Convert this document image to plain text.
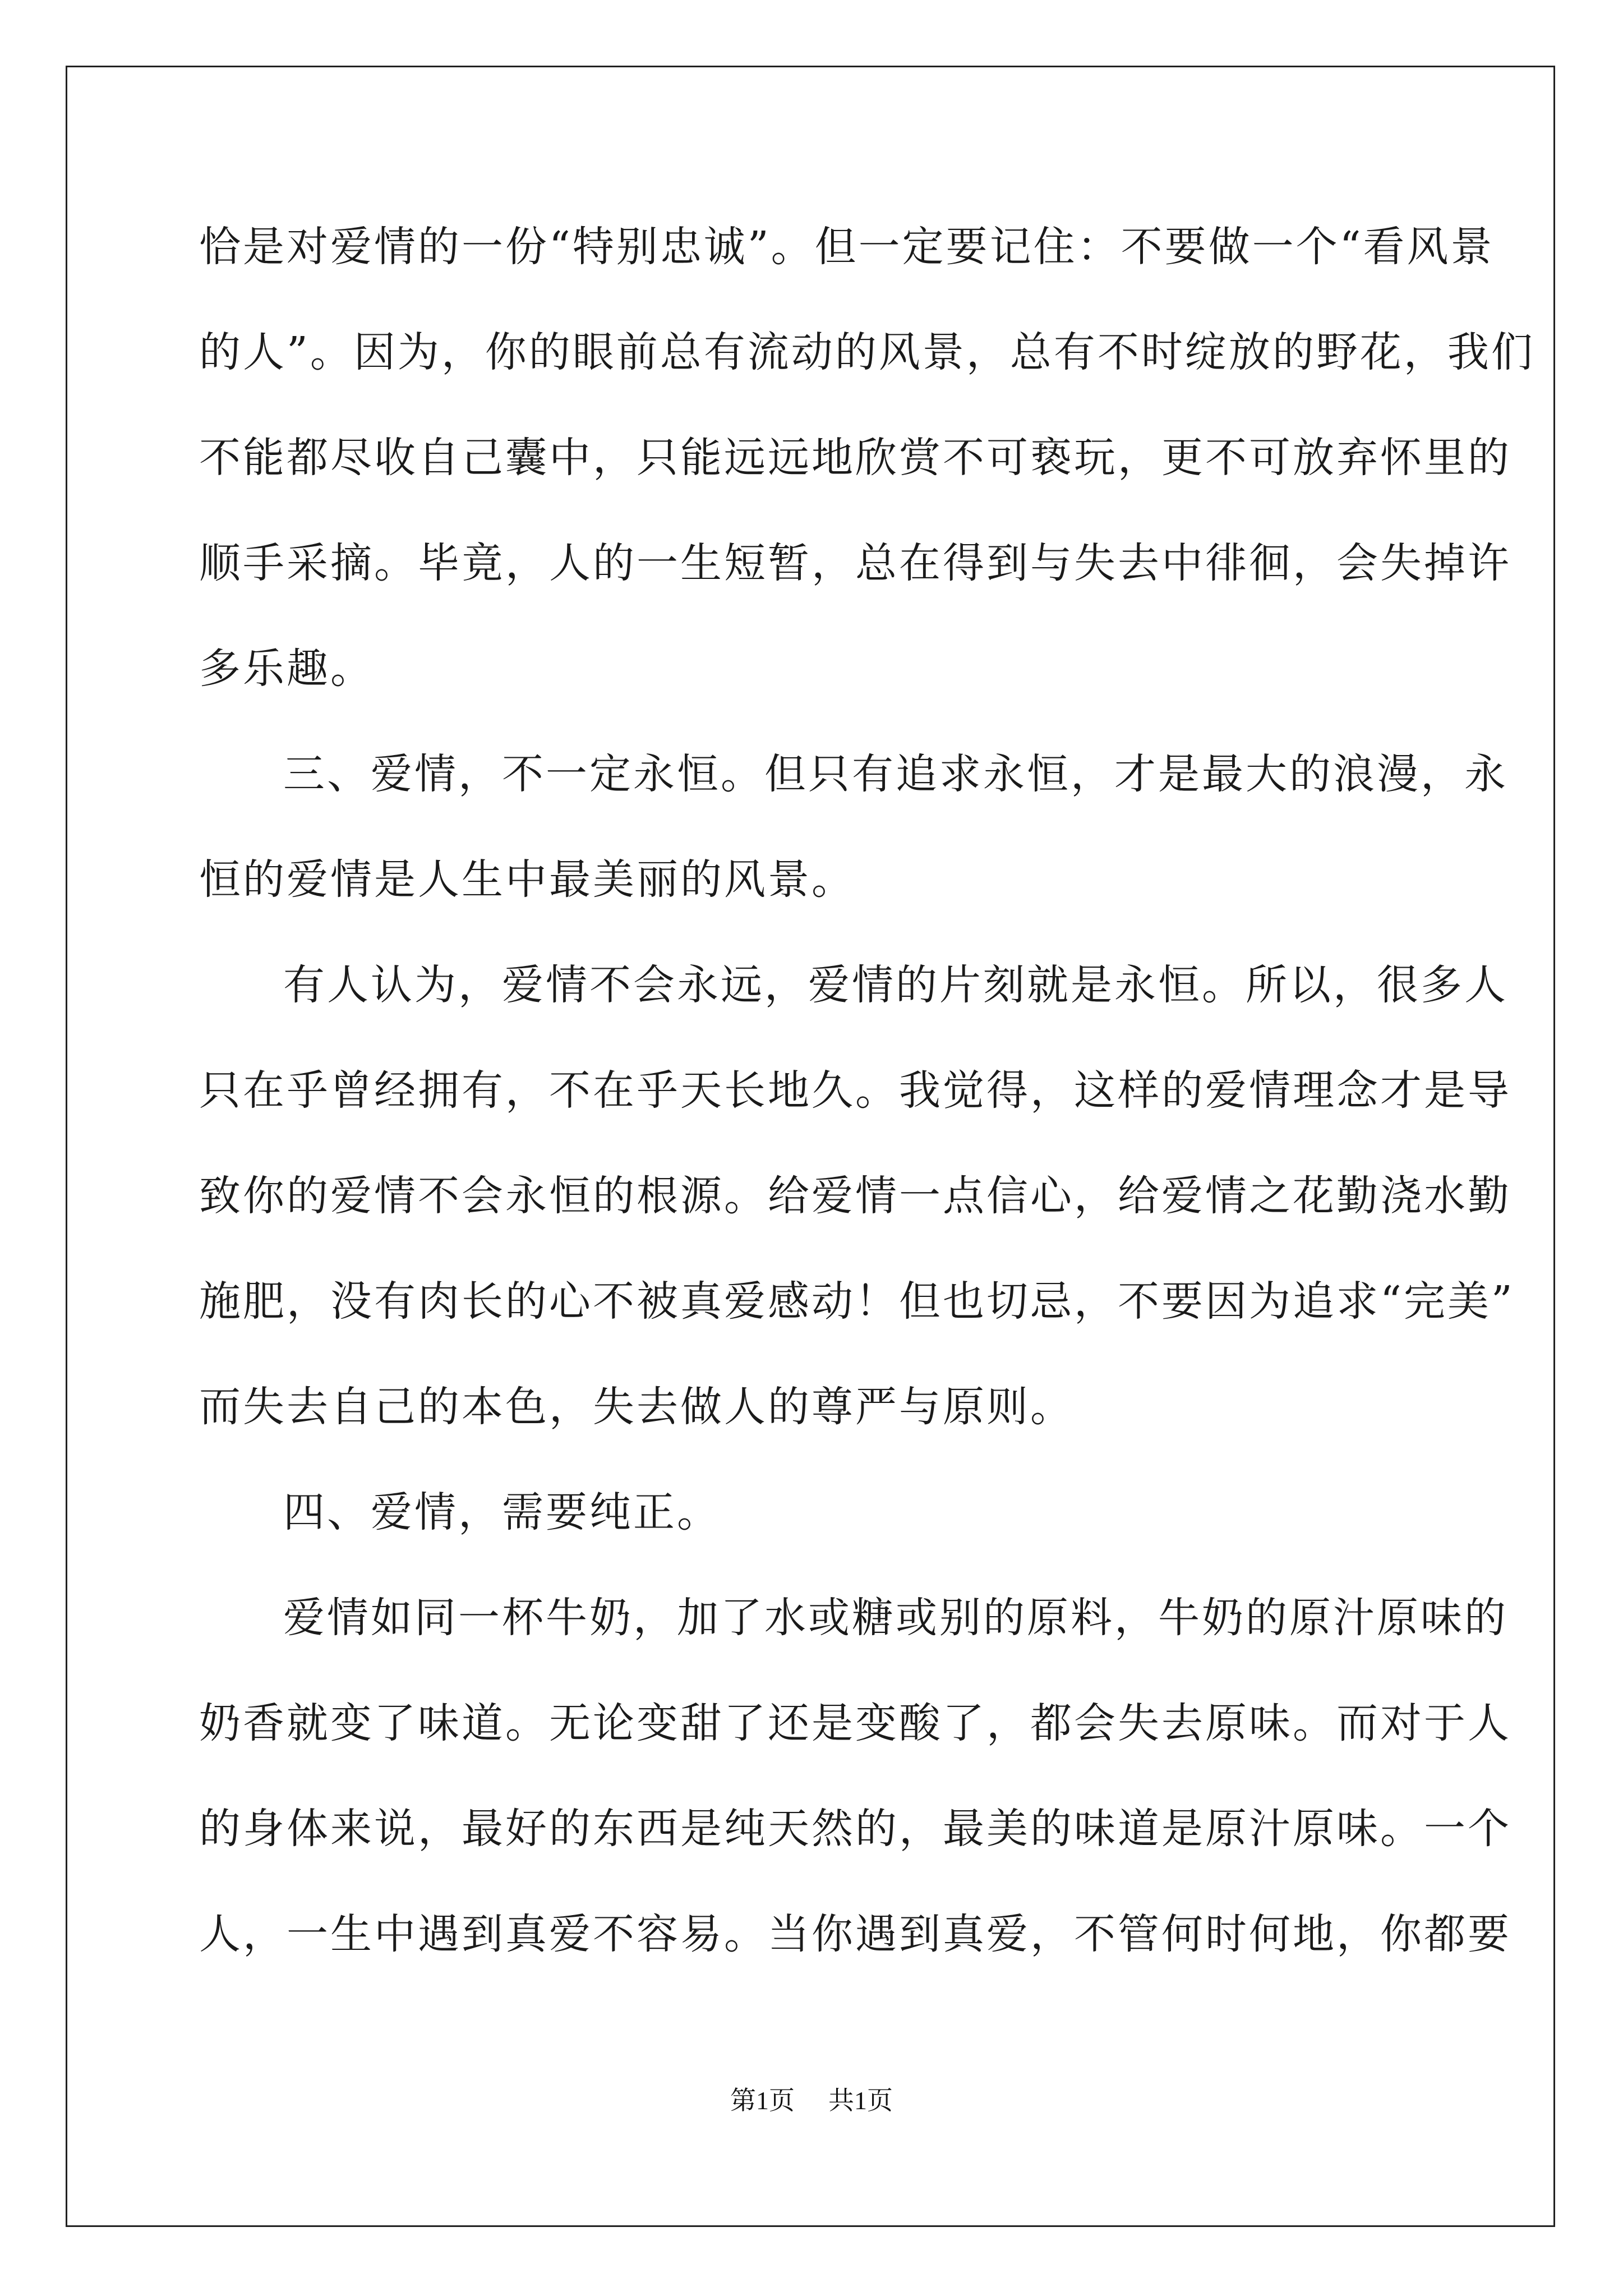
恰是对爱情的一份“特别忠诚”。但一定要记住：不要做一个“看风景
的人”。因为，你的眼前总有流动的风景，总有不时绽放的野花，我们
不能都尽收自己囊中，只能远远地欣赏不可亵玩，更不可放弃怀里的
顺手采摘。毕竟，人的一生短暂，总在得到与失去中徘徊，会失掉许
多乐趣。
三、爱情，不一定永恒。但只有追求永恒，才是最大的浪漫，永
恒的爱情是人生中最美丽的风景。
有人认为，爱情不会永远，爱情的片刻就是永恒。所以，很多人
只在乎曾经拥有，不在乎天长地久。我觉得，这样的爱情理念才是导
致你的爱情不会永恒的根源。给爱情一点信心，给爱情之花勤浇水勤
施肥，没有肉长的心不被真爱感动！但也切忌，不要因为追求“完美”
而失去自己的本色，失去做人的尊严与原则。
四、爱情，需要纯正。
爱情如同一杯牛奶，加了水或糖或别的原料，牛奶的原汁原味的
奶香就变了味道。无论变甜了还是变酸了，都会失去原味。而对于人
的身体来说，最好的东西是纯天然的，最美的味道是原汁原味。一个
人，一生中遇到真爱不容易。当你遇到真爱，不管何时何地，你都要
第1页 共1页
